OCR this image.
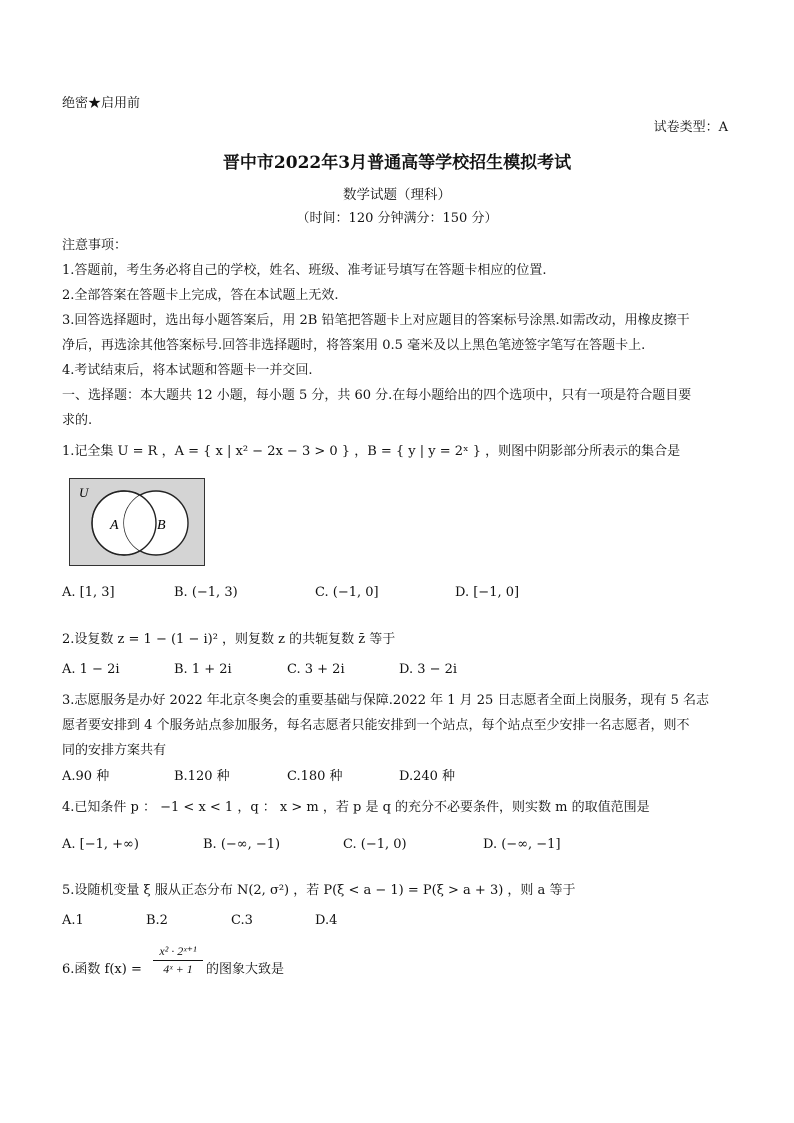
绝密★启用前
试卷类型：A
晋中市2022年3月普通高等学校招生模拟考试
数学试题（理科）
（时间：120 分钟满分：150 分）
注意事项：
1.答题前，考生务必将自己的学校，姓名、班级、准考证号填写在答题卡相应的位置.
2.全部答案在答题卡上完成，答在本试题上无效.
3.回答选择题时，选出每小题答案后，用 2B 铅笔把答题卡上对应题目的答案标号涂黑.如需改动，用橡皮擦干
净后，再选涂其他答案标号.回答非选择题时，将答案用 0.5 毫米及以上黑色笔迹签字笔写在答题卡上.
4.考试结束后，将本试题和答题卡一并交回.
一、选择题：本大题共 12 小题，每小题 5 分，共 60 分.在每小题给出的四个选项中，只有一项是符合题目要
求的.
1.记全集 U = R ，A = { x | x² − 2x − 3 > 0 } ，B = { y | y = 2ˣ } ，则图中阴影部分所表示的集合是
U
A	B
A. [1, 3]	B. (−1, 3)	C. (−1, 0]	D. [−1, 0]
2.设复数 z = 1 − (1 − i)² ，则复数 z 的共轭复数 z̄ 等于
A. 1 − 2i	B. 1 + 2i	C. 3 + 2i	D. 3 − 2i
3.志愿服务是办好 2022 年北京冬奥会的重要基础与保障.2022 年 1 月 25 日志愿者全面上岗服务，现有 5 名志
愿者要安排到 4 个服务站点参加服务，每名志愿者只能安排到一个站点，每个站点至少安排一名志愿者，则不
同的安排方案共有
A.90 种	B.120 种	C.180 种	D.240 种
4.已知条件 p ： −1 < x < 1 ，q ： x > m ，若 p 是 q 的充分不必要条件，则实数 m 的取值范围是
A. [−1, +∞)	B. (−∞, −1)	C. (−1, 0)	D. (−∞, −1]
5.设随机变量 ξ 服从正态分布 N(2, σ²) ，若 P(ξ < a − 1) = P(ξ > a + 3) ，则 a 等于
A.1	B.2	C.3	D.4
6.函数 $f(x) = \frac{\text{x² · 2ˣ⁺¹}}{\text{4ˣ + 1}}$ 的图象大致是
